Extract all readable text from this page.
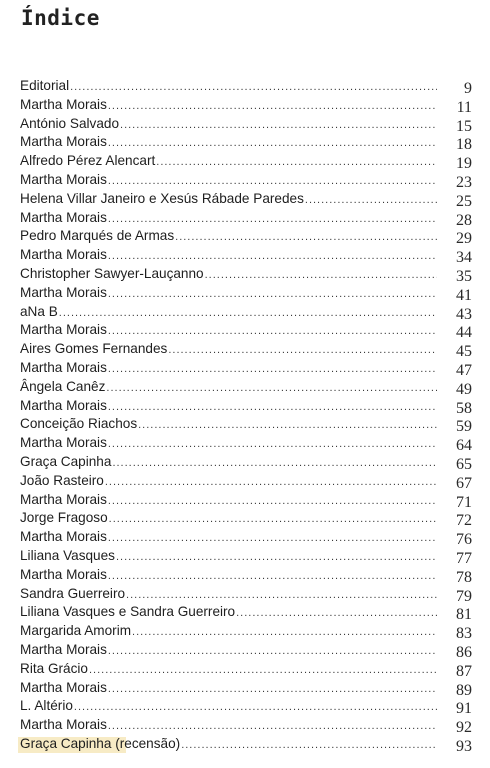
Índice
Editorial .....	9
Martha Morais .....	11
António Salvado .....	15
Martha Morais .....	18
Alfredo Pérez Alencart .....	19
Martha Morais .....	23
Helena Villar Janeiro e Xesús Rábade Paredes .....	25
Martha Morais .....	28
Pedro Marqués de Armas .....	29
Martha Morais .....	34
Christopher Sawyer-Lauçanno .....	35
Martha Morais .....	41
aNa B .....	43
Martha Morais .....	44
Aires Gomes Fernandes .....	45
Martha Morais .....	47
Ângela Canêz .....	49
Martha Morais .....	58
Conceição Riachos .....	59
Martha Morais .....	64
Graça Capinha .....	65
João Rasteiro .....	67
Martha Morais .....	71
Jorge Fragoso .....	72
Martha Morais .....	76
Liliana Vasques .....	77
Martha Morais .....	78
Sandra Guerreiro .....	79
Liliana Vasques e Sandra Guerreiro .....	81
Margarida Amorim .....	83
Martha Morais .....	86
Rita Grácio .....	87
Martha Morais .....	89
L. Altério .....	91
Martha Morais .....	92
Graça Capinha (recensão) .....	93
